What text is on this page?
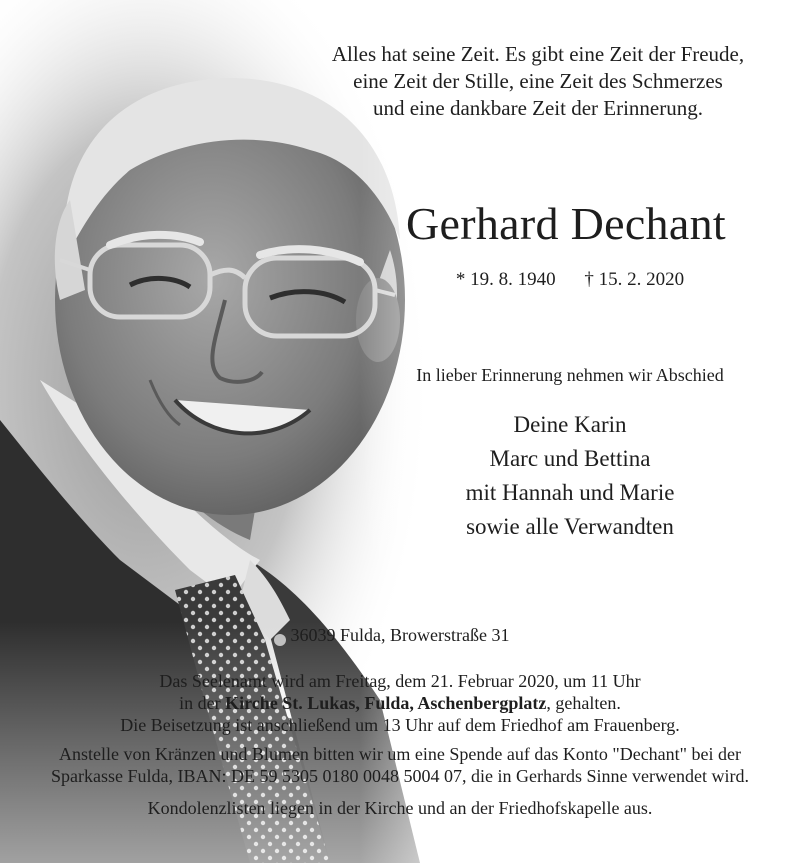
Alles hat seine Zeit. Es gibt eine Zeit der Freude,
eine Zeit der Stille, eine Zeit des Schmerzes
und eine dankbare Zeit der Erinnerung.
Gerhard Dechant
* 19. 8. 1940 † 15. 2. 2020
In lieber Erinnerung nehmen wir Abschied
Deine Karin
Marc und Bettina
mit Hannah und Marie
sowie alle Verwandten
36039 Fulda, Browerstraße 31
Das Seelenamt wird am Freitag, dem 21. Februar 2020, um 11 Uhr
in der Kirche St. Lukas, Fulda, Aschenbergplatz, gehalten.
Die Beisetzung ist anschließend um 13 Uhr auf dem Friedhof am Frauenberg.
Anstelle von Kränzen und Blumen bitten wir um eine Spende auf das Konto "Dechant" bei der
Sparkasse Fulda, IBAN: DE 59 5305 0180 0048 5004 07, die in Gerhards Sinne verwendet wird.
Kondolenzlisten liegen in der Kirche und an der Friedhofskapelle aus.
